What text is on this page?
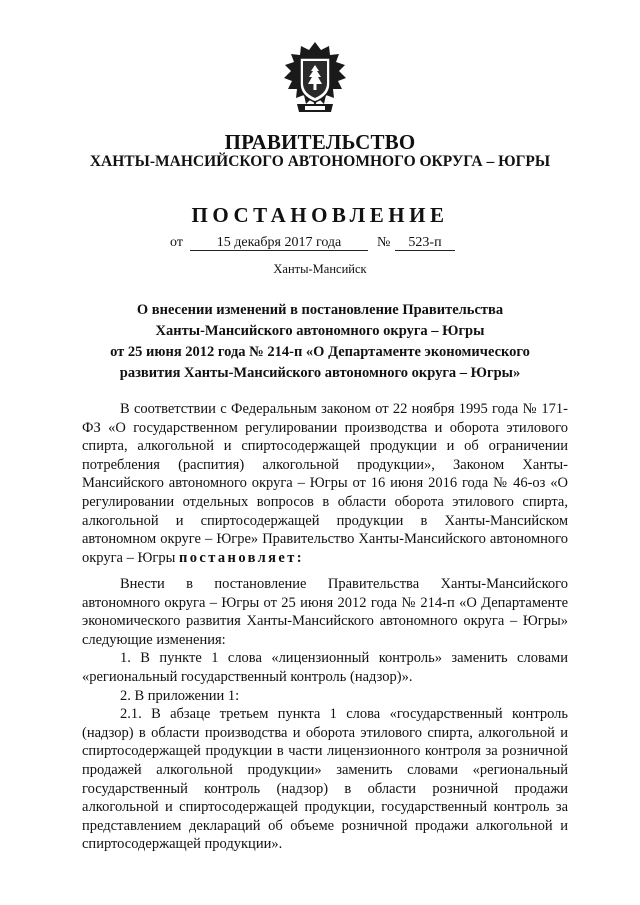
ПРАВИТЕЛЬСТВО
ХАНТЫ-МАНСИЙСКОГО АВТОНОМНОГО ОКРУГА – ЮГРЫ
ПОСТАНОВЛЕНИЕ
от	15 декабря 2017 года	№	523-п
Ханты-Мансийск
О внесении изменений в постановление Правительства
Ханты-Мансийского автономного округа – Югры
от 25 июня 2012 года № 214-п «О Департаменте экономического
развития Ханты-Мансийского автономного округа – Югры»

В соответствии с Федеральным законом от 22 ноября 1995 года № 171-ФЗ «О государственном регулировании производства и оборота этилового спирта, алкогольной и спиртосодержащей продукции и об ограничении потребления (распития) алкогольной продукции», Законом Ханты-Мансийского автономного округа – Югры от 16 июня 2016 года № 46-оз «О регулировании отдельных вопросов в области оборота этилового спирта, алкогольной и спиртосодержащей продукции в Ханты-Мансийском автономном округе – Югре» Правительство Ханты-Мансийского автономного округа – Югры постановляет:

Внести в постановление Правительства Ханты-Мансийского автономного округа – Югры от 25 июня 2012 года № 214-п «О Департаменте экономического развития Ханты-Мансийского автономного округа – Югры» следующие изменения:

1. В пункте 1 слова «лицензионный контроль» заменить словами «региональный государственный контроль (надзор)».

2. В приложении 1:

2.1. В абзаце третьем пункта 1 слова «государственный контроль (надзор) в области производства и оборота этилового спирта, алкогольной и спиртосодержащей продукции в части лицензионного контроля за розничной продажей алкогольной продукции» заменить словами «региональный государственный контроль (надзор) в области розничной продажи алкогольной и спиртосодержащей продукции, государственный контроль за представлением деклараций об объеме розничной продажи алкогольной и спиртосодержащей продукции».
